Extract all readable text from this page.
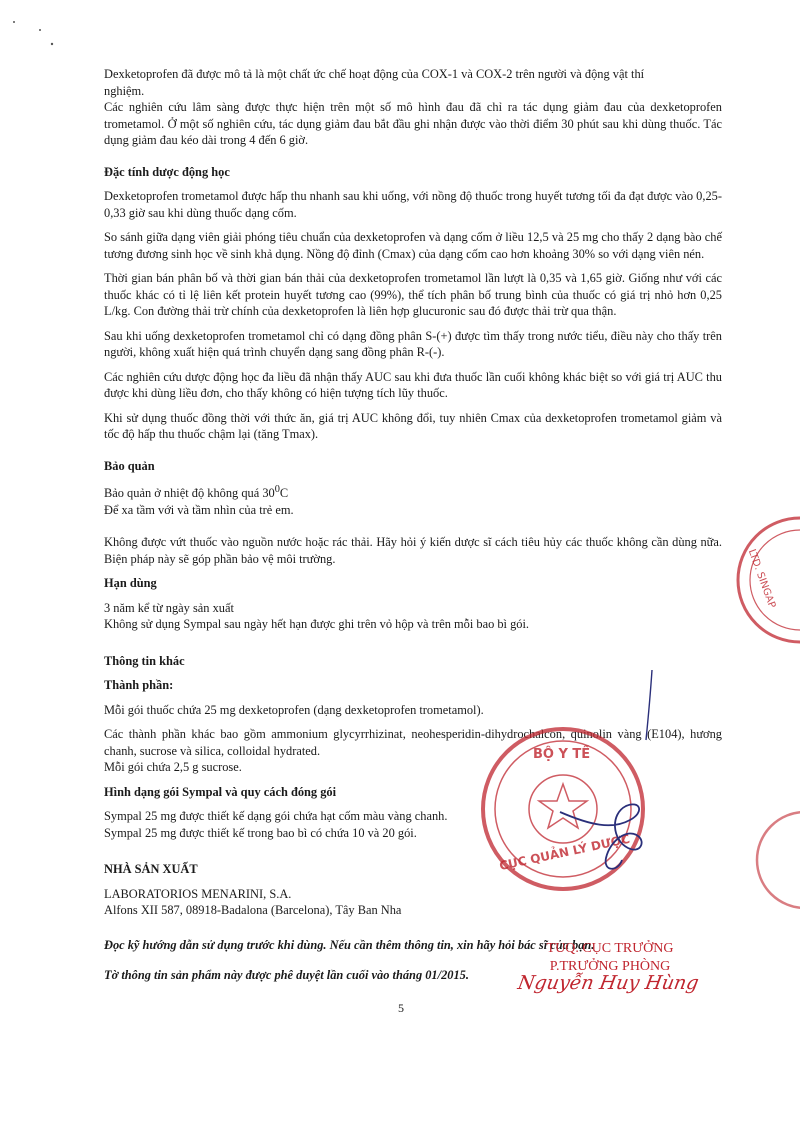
Dexketoprofen đã được mô tả là một chất ức chế hoạt động của COX-1 và COX-2 trên người và động vật thí
nghiệm.

Các nghiên cứu lâm sàng được thực hiện trên một số mô hình đau đã chỉ ra tác dụng giảm đau của dexketoprofen trometamol. Ở một số nghiên cứu, tác dụng giảm đau bắt đầu ghi nhận được vào thời điểm 30 phút sau khi dùng thuốc. Tác dụng giảm đau kéo dài trong 4 đến 6 giờ.

Đặc tính dược động học

Dexketoprofen trometamol được hấp thu nhanh sau khi uống, với nồng độ thuốc trong huyết tương tối đa đạt được vào 0,25-0,33 giờ sau khi dùng thuốc dạng cốm.

So sánh giữa dạng viên giải phóng tiêu chuẩn của dexketoprofen và dạng cốm ở liều 12,5 và 25 mg cho thấy 2 dạng bào chế tương đương sinh học về sinh khả dụng. Nồng độ đỉnh (Cmax) của dạng cốm cao hơn khoảng 30% so với dạng viên nén.

Thời gian bán phân bố và thời gian bán thải của dexketoprofen trometamol lần lượt là 0,35 và 1,65 giờ. Giống như với các thuốc khác có tỉ lệ liên kết protein huyết tương cao (99%), thể tích phân bố trung bình của thuốc có giá trị nhỏ hơn 0,25 L/kg. Con đường thải trừ chính của dexketoprofen là liên hợp glucuronic sau đó được thải trừ qua thận.

Sau khi uống dexketoprofen trometamol chỉ có dạng đồng phân S-(+) được tìm thấy trong nước tiểu, điều này cho thấy trên người, không xuất hiện quá trình chuyển dạng sang đồng phân R-(-).

Các nghiên cứu dược động học đa liều đã nhận thấy AUC sau khi đưa thuốc lần cuối không khác biệt so với giá trị AUC thu được khi dùng liều đơn, cho thấy không có hiện tượng tích lũy thuốc.

Khi sử dụng thuốc đồng thời với thức ăn, giá trị AUC không đổi, tuy nhiên Cmax của dexketoprofen trometamol giảm và tốc độ hấp thu thuốc chậm lại (tăng Tmax).

Bảo quản

Bảo quản ở nhiệt độ không quá $30^0C$

Để xa tầm với và tầm nhìn của trẻ em.

Không được vứt thuốc vào nguồn nước hoặc rác thải. Hãy hỏi ý kiến dược sĩ cách tiêu hủy các thuốc không cần dùng nữa. Biện pháp này sẽ góp phần bảo vệ môi trường.

Hạn dùng

3 năm kể từ ngày sản xuất

Không sử dụng Sympal sau ngày hết hạn được ghi trên vỏ hộp và trên mỗi bao bì gói.

Thông tin khác

Thành phần:

Mỗi gói thuốc chứa 25 mg dexketoprofen (dạng dexketoprofen trometamol).

Các thành phần khác bao gồm ammonium glycyrrhizinat, neohesperidin-dihydrochalcon, quinolin vàng (E104), hương chanh, sucrose và silica, colloidal hydrated.

Mỗi gói chứa 2,5 g sucrose.

Hình dạng gói Sympal và quy cách đóng gói

Sympal 25 mg được thiết kế dạng gói chứa hạt cốm màu vàng chanh.

Sympal 25 mg được thiết kế trong bao bì có chứa 10 và 20 gói.

NHÀ SẢN XUẤT

LABORATORIOS MENARINI, S.A.

Alfons XII 587, 08918-Badalona (Barcelona), Tây Ban Nha

Đọc kỹ hướng dẫn sử dụng trước khi dùng. Nếu cần thêm thông tin, xin hãy hỏi bác sĩ của bạn.

Tờ thông tin sản phẩm này được phê duyệt lần cuối vào tháng 01/2015.

5
TUQ. CỤC TRƯỞNG
P.TRƯỞNG PHÒNG
Nguyễn Huy Hùng
BỘ Y TẾ
CỤC QUẢN LÝ DƯỢC
LTD. SINGAP
